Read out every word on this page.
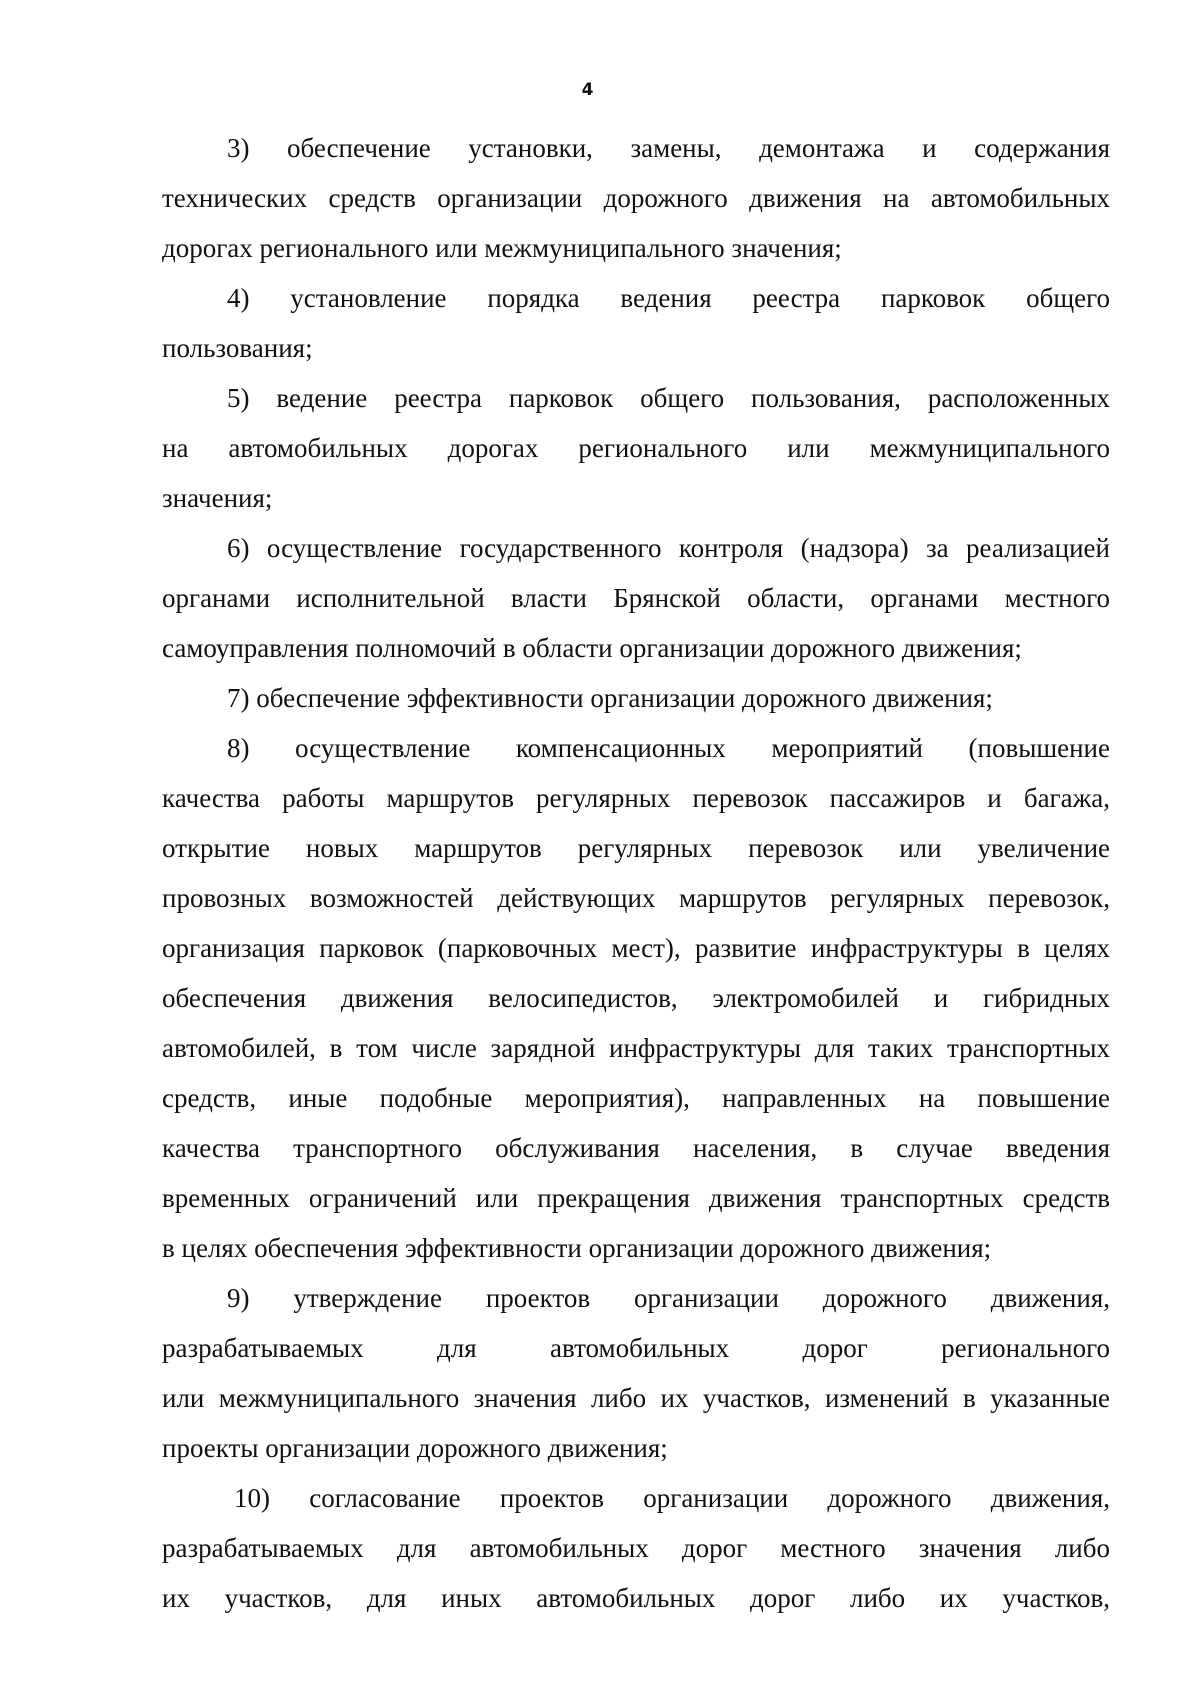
4
3) обеспечение установки, замены, демонтажа и содержания
технических средств организации дорожного движения на автомобильных
дорогах регионального или межмуниципального значения;
4) установление порядка ведения реестра парковок общего
пользования;
5) ведение реестра парковок общего пользования, расположенных
на автомобильных дорогах регионального или межмуниципального
значения;
6) осуществление государственного контроля (надзора) за реализацией
органами исполнительной власти Брянской области, органами местного
самоуправления полномочий в области организации дорожного движения;
7) обеспечение эффективности организации дорожного движения;
8) осуществление компенсационных мероприятий (повышение
качества работы маршрутов регулярных перевозок пассажиров и багажа,
открытие новых маршрутов регулярных перевозок или увеличение
провозных возможностей действующих маршрутов регулярных перевозок,
организация парковок (парковочных мест), развитие инфраструктуры в целях
обеспечения движения велосипедистов, электромобилей и гибридных
автомобилей, в том числе зарядной инфраструктуры для таких транспортных
средств, иные подобные мероприятия), направленных на повышение
качества транспортного обслуживания населения, в случае введения
временных ограничений или прекращения движения транспортных средств
в целях обеспечения эффективности организации дорожного движения;
9) утверждение проектов организации дорожного движения,
разрабатываемых для автомобильных дорог регионального
или межмуниципального значения либо их участков, изменений в указанные
проекты организации дорожного движения;
10) согласование проектов организации дорожного движения,
разрабатываемых для автомобильных дорог местного значения либо
их участков, для иных автомобильных дорог либо их участков,
